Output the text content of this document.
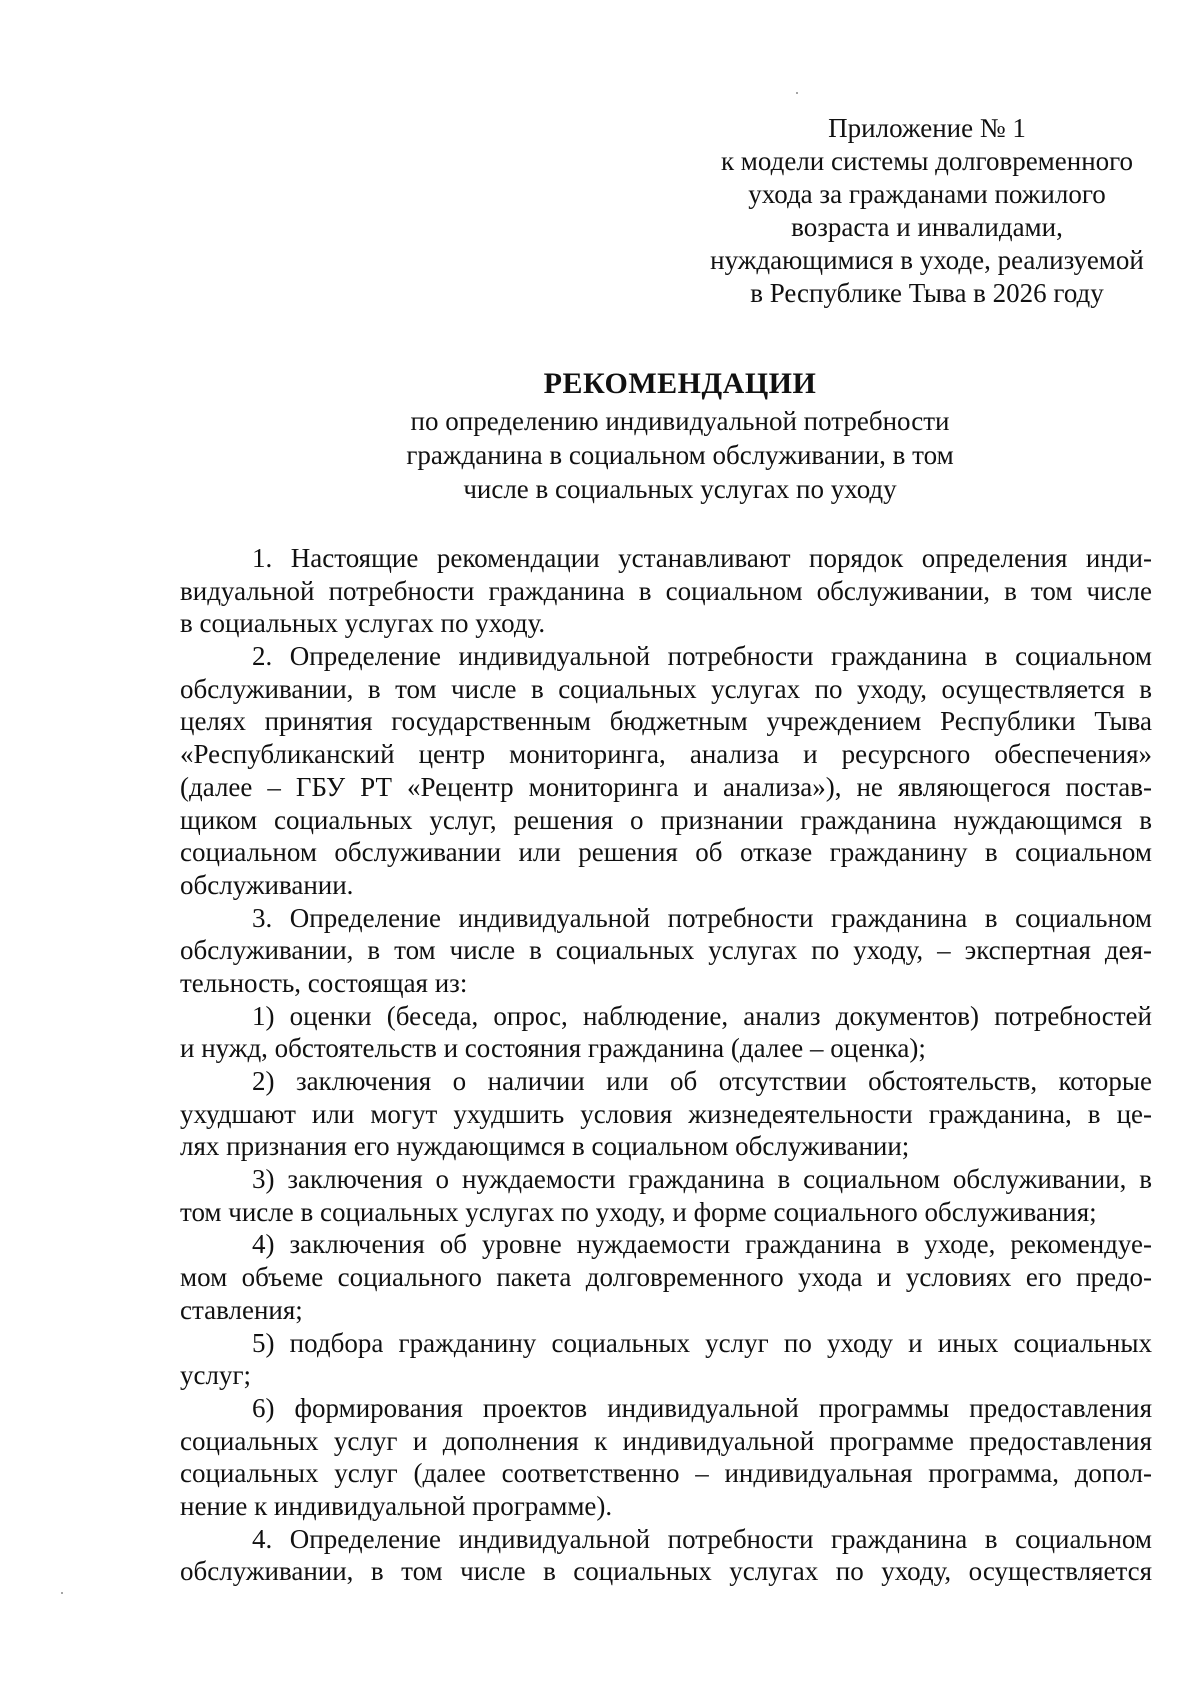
Приложение № 1
к модели системы долговременного
ухода за гражданами пожилого
возраста и инвалидами,
нуждающимися в уходе, реализуемой
в Республике Тыва в 2026 году
РЕКОМЕНДАЦИИ
по определению индивидуальной потребности
гражданина в социальном обслуживании, в том
числе в социальных услугах по уходу
1. Настоящие рекомендации устанавливают порядок определения инди-
видуальной потребности гражданина в социальном обслуживании, в том числе
в социальных услугах по уходу.
2. Определение индивидуальной потребности гражданина в социальном
обслуживании, в том числе в социальных услугах по уходу, осуществляется в
целях принятия государственным бюджетным учреждением Республики Тыва
«Республиканский центр мониторинга, анализа и ресурсного обеспечения»
(далее – ГБУ РТ «Рецентр мониторинга и анализа»), не являющегося постав-
щиком социальных услуг, решения о признании гражданина нуждающимся в
социальном обслуживании или решения об отказе гражданину в социальном
обслуживании.
3. Определение индивидуальной потребности гражданина в социальном
обслуживании, в том числе в социальных услугах по уходу, – экспертная дея-
тельность, состоящая из:
1) оценки (беседа, опрос, наблюдение, анализ документов) потребностей
и нужд, обстоятельств и состояния гражданина (далее – оценка);
2) заключения о наличии или об отсутствии обстоятельств, которые
ухудшают или могут ухудшить условия жизнедеятельности гражданина, в це-
лях признания его нуждающимся в социальном обслуживании;
3) заключения о нуждаемости гражданина в социальном обслуживании, в
том числе в социальных услугах по уходу, и форме социального обслуживания;
4) заключения об уровне нуждаемости гражданина в уходе, рекомендуе-
мом объеме социального пакета долговременного ухода и условиях его предо-
ставления;
5) подбора гражданину социальных услуг по уходу и иных социальных
услуг;
6) формирования проектов индивидуальной программы предоставления
социальных услуг и дополнения к индивидуальной программе предоставления
социальных услуг (далее соответственно – индивидуальная программа, допол-
нение к индивидуальной программе).
4. Определение индивидуальной потребности гражданина в социальном
обслуживании, в том числе в социальных услугах по уходу, осуществляется
